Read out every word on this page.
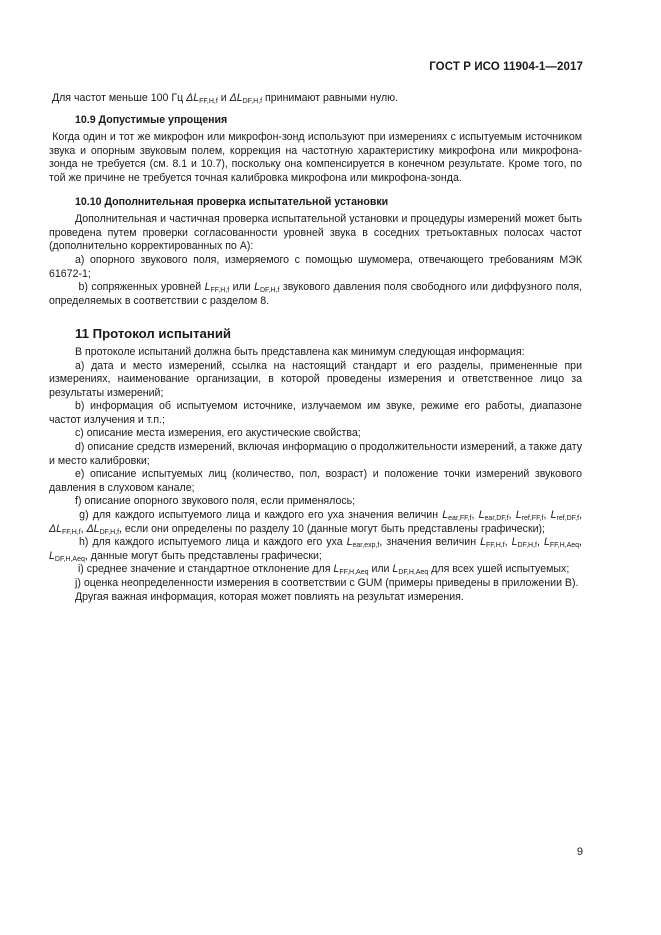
ГОСТ Р ИСО 11904-1—2017

Для частот меньше 100 Гц $\Delta L_{FF,H,f}$ и $\Delta L_{DF,H,f}$ принимают равными нулю.

10.9 Допустимые упрощения

Когда один и тот же микрофон или микрофон-зонд используют при измерениях с испытуемым источником звука и опорным звуковым полем, коррекция на частотную характеристику микрофона или микрофона-зонда не требуется (см. 8.1 и 10.7), поскольку она компенсируется в конечном результате. Кроме того, по той же причине не требуется точная калибровка микрофона или микрофона-зонда.

10.10 Дополнительная проверка испытательной установки

Дополнительная и частичная проверка испытательной установки и процедуры измерений может быть проведена путем проверки согласованности уровней звука в соседних третьоктавных полосах частот (дополнительно корректированных по A):

а) опорного звукового поля, измеряемого с помощью шумомера, отвечающего требованиям МЭК 61672-1;

b) сопряженных уровней $L_{FF,H,f}$ или $L_{DF,H,f}$ звукового давления поля свободного или диффузного поля, определяемых в соответствии с разделом 8.

11 Протокол испытаний

В протоколе испытаний должна быть представлена как минимум следующая информация:

а) дата и место измерений, ссылка на настоящий стандарт и его разделы, примененные при измерениях, наименование организации, в которой проведены измерения и ответственное лицо за результаты измерений;

b) информация об испытуемом источнике, излучаемом им звуке, режиме его работы, диапазоне частот излучения и т.п.;

с) описание места измерения, его акустические свойства;

d) описание средств измерений, включая информацию о продолжительности измерений, а также дату и место калибровки;

е) описание испытуемых лиц (количество, пол, возраст) и положение точки измерений звукового давления в слуховом канале;

f) описание опорного звукового поля, если применялось;

g) для каждого испытуемого лица и каждого его уха значения величин $L_{ear,FF,f}$, $L_{ear,DF,f}$, $L_{ref,FF,f}$, $L_{ref,DF,f}$, $\Delta L_{FF,H,f}$, $\Delta L_{DF,H,f}$, если они определены по разделу 10 (данные могут быть представлены графически);

h) для каждого испытуемого лица и каждого его уха $L_{ear,exp,f}$, значения величин $L_{FF,H,f}$, $L_{DF,H,f}$, $L_{FF,H,Aeq}$, $L_{DF,H,Aeq}$, данные могут быть представлены графически;

i) среднее значение и стандартное отклонение для $L_{FF,H,Aeq}$ или $L_{DF,H,Aeq}$ для всех ушей испытуемых;

j) оценка неопределенности измерения в соответствии с GUM (примеры приведены в приложении В).

Другая важная информация, которая может повлиять на результат измерения.

9
